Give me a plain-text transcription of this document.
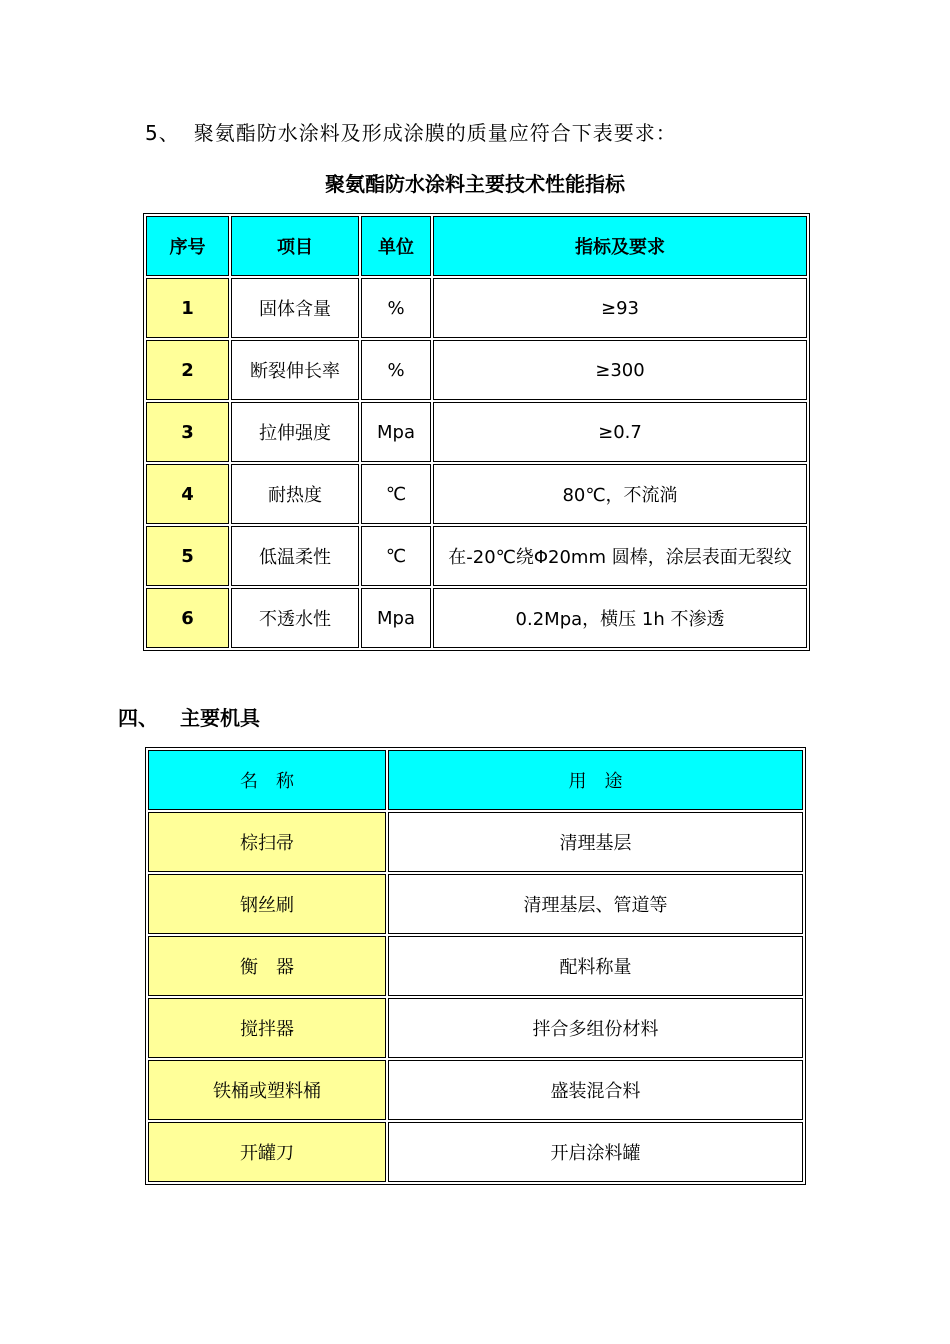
5、 聚氨酯防水涂料及形成涂膜的质量应符合下表要求：
聚氨酯防水涂料主要技术性能指标
序号	项目	单位	指标及要求
1	固体含量	%	≥93
2	断裂伸长率	%	≥300
3	拉伸强度	Mpa	≥0.7
4	耐热度	℃	80℃，不流淌
5	低温柔性	℃	在-20℃绕Φ20mm 圆棒，涂层表面无裂纹
6	不透水性	Mpa	0.2Mpa，横压 1h 不渗透
四、 主要机具
名　称	用　途
棕扫帚	清理基层
钢丝刷	清理基层、管道等
衡　器	配料称量
搅拌器	拌合多组份材料
铁桶或塑料桶	盛装混合料
开罐刀	开启涂料罐
